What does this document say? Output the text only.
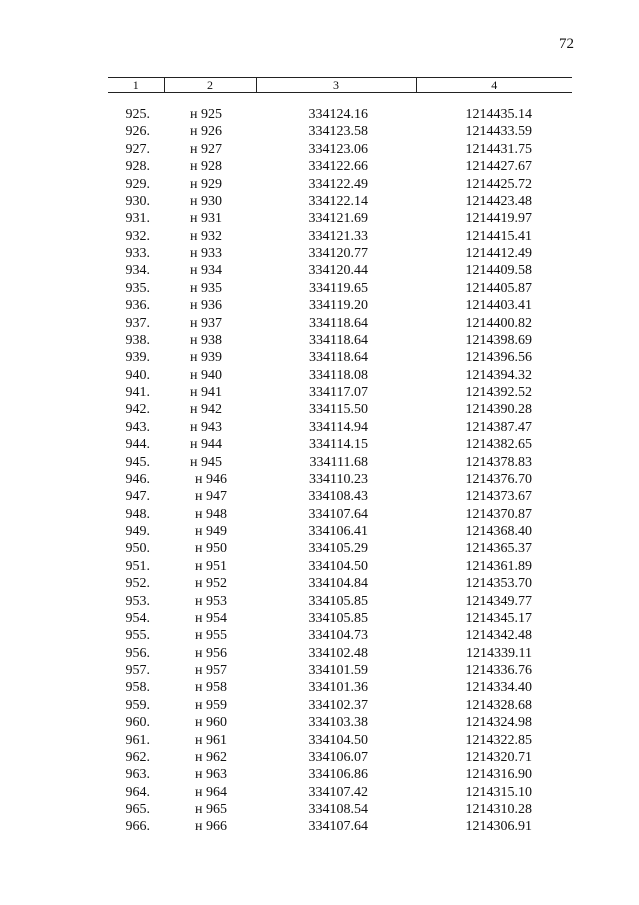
72
1	2	3	4
925.	н 925	334124.16	1214435.14
926.	н 926	334123.58	1214433.59
927.	н 927	334123.06	1214431.75
928.	н 928	334122.66	1214427.67
929.	н 929	334122.49	1214425.72
930.	н 930	334122.14	1214423.48
931.	н 931	334121.69	1214419.97
932.	н 932	334121.33	1214415.41
933.	н 933	334120.77	1214412.49
934.	н 934	334120.44	1214409.58
935.	н 935	334119.65	1214405.87
936.	н 936	334119.20	1214403.41
937.	н 937	334118.64	1214400.82
938.	н 938	334118.64	1214398.69
939.	н 939	334118.64	1214396.56
940.	н 940	334118.08	1214394.32
941.	н 941	334117.07	1214392.52
942.	н 942	334115.50	1214390.28
943.	н 943	334114.94	1214387.47
944.	н 944	334114.15	1214382.65
945.	н 945	334111.68	1214378.83
946.	н 946	334110.23	1214376.70
947.	н 947	334108.43	1214373.67
948.	н 948	334107.64	1214370.87
949.	н 949	334106.41	1214368.40
950.	н 950	334105.29	1214365.37
951.	н 951	334104.50	1214361.89
952.	н 952	334104.84	1214353.70
953.	н 953	334105.85	1214349.77
954.	н 954	334105.85	1214345.17
955.	н 955	334104.73	1214342.48
956.	н 956	334102.48	1214339.11
957.	н 957	334101.59	1214336.76
958.	н 958	334101.36	1214334.40
959.	н 959	334102.37	1214328.68
960.	н 960	334103.38	1214324.98
961.	н 961	334104.50	1214322.85
962.	н 962	334106.07	1214320.71
963.	н 963	334106.86	1214316.90
964.	н 964	334107.42	1214315.10
965.	н 965	334108.54	1214310.28
966.	н 966	334107.64	1214306.91
